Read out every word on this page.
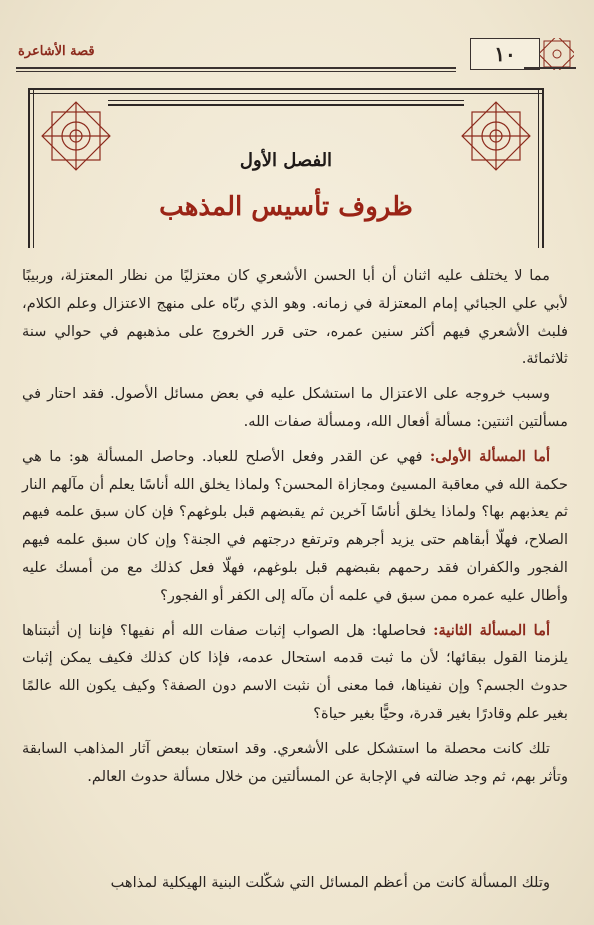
قصة الأشاعرة	١٠
الفصل الأول
ظروف تأسيس المذهب

مما لا يختلف عليه اثنان أن أبا الحسن الأشعري كان معتزليًا من نظار المعتزلة، وربيبًا لأبي علي الجبائي إمام المعتزلة في زمانه. وهو الذي ربّاه على منهج الاعتزال وعلم الكلام، فلبث الأشعري فيهم أكثر سنين عمره، حتى قرر الخروج على مذهبهم في حوالي سنة ثلاثمائة.

وسبب خروجه على الاعتزال ما استشكل عليه في بعض مسائل الأصول. فقد احتار في مسألتين اثنتين: مسألة أفعال الله، ومسألة صفات الله.

أما المسألة الأولى: فهي عن القدر وفعل الأصلح للعباد. وحاصل المسألة هو: ما هي حكمة الله في معاقبة المسيئ ومجازاة المحسن؟ ولماذا يخلق الله أناسًا يعلم أن مآلهم النار ثم يعذبهم بها؟ ولماذا يخلق أناسًا آخرين ثم يقبضهم قبل بلوغهم؟ فإن كان سبق علمه فيهم الصلاح، فهلّا أبقاهم حتى يزيد أجرهم وترتفع درجتهم في الجنة؟ وإن كان سبق علمه فيهم الفجور والكفران فقد رحمهم بقبضهم قبل بلوغهم، فهلّا فعل كذلك مع من أمسك عليه وأطال عليه عمره ممن سبق في علمه أن مآله إلى الكفر أو الفجور؟

أما المسألة الثانية: فحاصلها: هل الصواب إثبات صفات الله أم نفيها؟ فإننا إن أثبتناها يلزمنا القول ببقائها؛ لأن ما ثبت قدمه استحال عدمه، فإذا كان كذلك فكيف يمكن إثبات حدوث الجسم؟ وإن نفيناها، فما معنى أن نثبت الاسم دون الصفة؟ وكيف يكون الله عالمًا بغير علم وقادرًا بغير قدرة، وحيًّا بغير حياة؟

تلك كانت محصلة ما استشكل على الأشعري. وقد استعان ببعض آثار المذاهب السابقة وتأثر بهم، ثم وجد ضالته في الإجابة عن المسألتين من خلال مسألة حدوث العالم.

وتلك المسألة كانت من أعظم المسائل التي شكّلت البنية الهيكلية لمذاهب
